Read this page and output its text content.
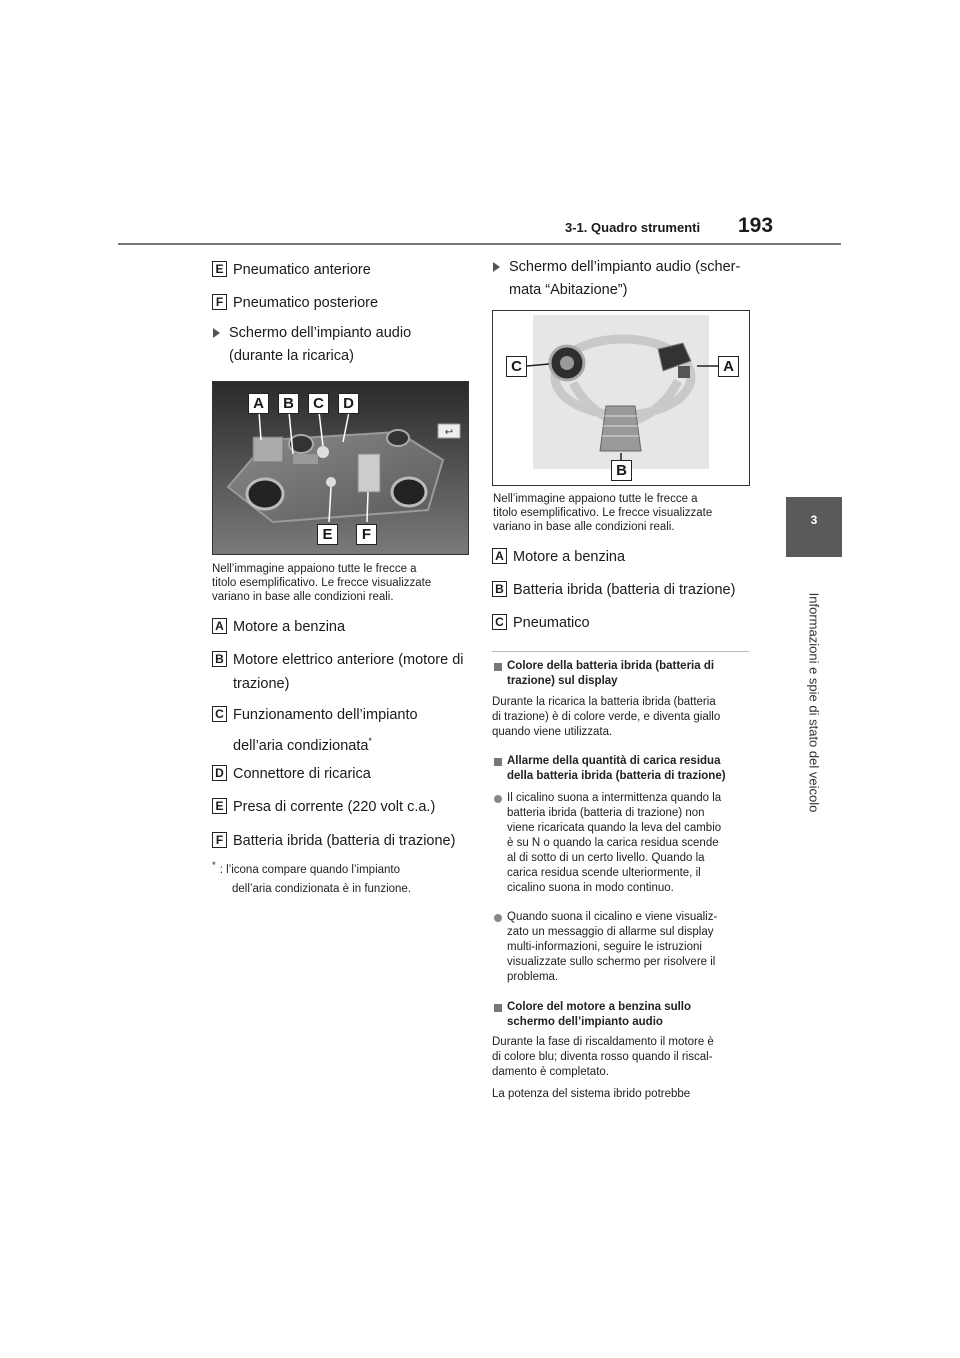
3-1. Quadro strumenti 193
3
Informazioni e spie di stato del veicolo
E Pneumatico anteriore
F Pneumatico posteriore
Schermo dell’impianto audio
(durante la ricarica)
↩
A	B	C	D
E	F
Nell’immagine appaiono tutte le frecce a
titolo esemplificativo. Le frecce visualizzate
variano in base alle condizioni reali.
A Motore a benzina
B Motore elettrico anteriore (motore di
trazione)
C Funzionamento dell’impianto
dell’aria condizionata*
D Connettore di ricarica
E Presa di corrente (220 volt c.a.)
F Batteria ibrida (batteria di trazione)
* : l’icona compare quando l’impianto
dell’aria condizionata è in funzione.
Schermo dell’impianto audio (scher-
mata “Abitazione”)
C	A
B
Nell’immagine appaiono tutte le frecce a
titolo esemplificativo. Le frecce visualizzate
variano in base alle condizioni reali.
A Motore a benzina
B Batteria ibrida (batteria di trazione)
C Pneumatico
Colore della batteria ibrida (batteria di
trazione) sul display
Durante la ricarica la batteria ibrida (batteria
di trazione) è di colore verde, e diventa giallo
quando viene utilizzata.
Allarme della quantità di carica residua
della batteria ibrida (batteria di trazione)
Il cicalino suona a intermittenza quando la
batteria ibrida (batteria di trazione) non
viene ricaricata quando la leva del cambio
è su N o quando la carica residua scende
al di sotto di un certo livello. Quando la
carica residua scende ulteriormente, il
cicalino suona in modo continuo.
Quando suona il cicalino e viene visualiz-
zato un messaggio di allarme sul display
multi-informazioni, seguire le istruzioni
visualizzate sullo schermo per risolvere il
problema.
Colore del motore a benzina sullo
schermo dell’impianto audio
Durante la fase di riscaldamento il motore è
di colore blu; diventa rosso quando il riscal-
damento è completato.
La potenza del sistema ibrido potrebbe
